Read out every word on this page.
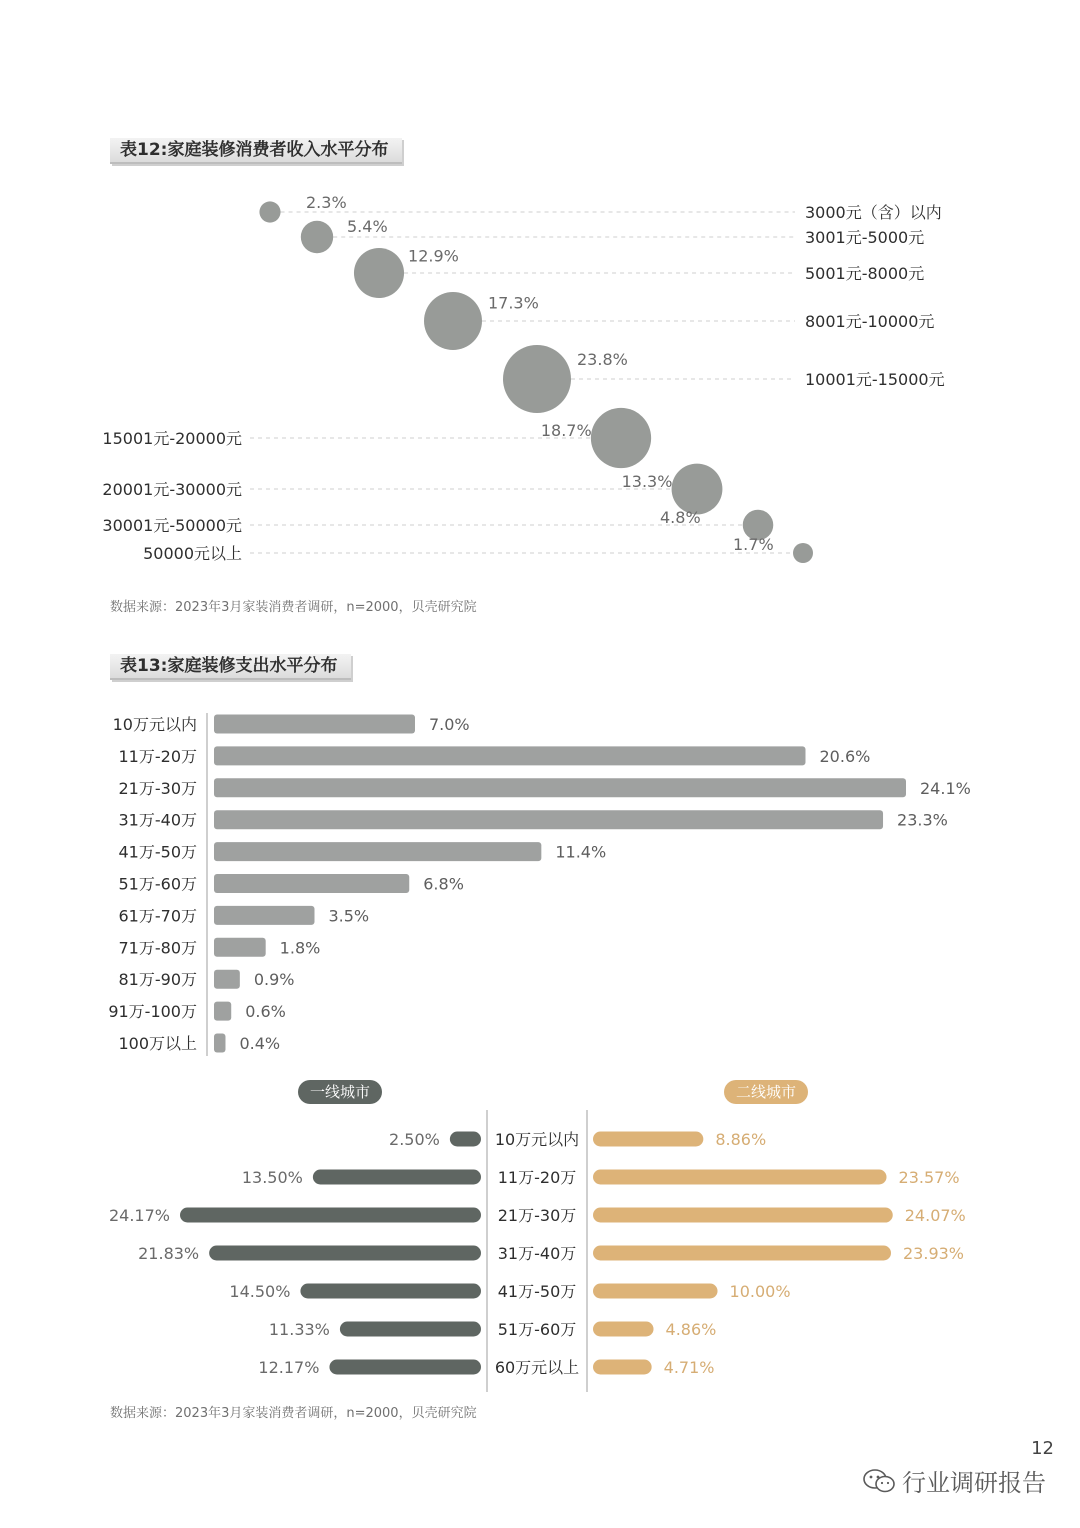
表12:家庭装修消费者收入水平分布
3000元（含）以内
2.3%
3001元-5000元
5.4%
5001元-8000元
12.9%
8001元-10000元
17.3%
10001元-15000元
23.8%
15001元-20000元	18.7%
20001元-30000元	13.3%
30001元-50000元	4.8%
50000元以上	1.7%
数据来源：2023年3月家装消费者调研，n=2000，贝壳研究院
表13:家庭装修支出水平分布
10万元以内	7.0%
11万-20万	20.6%
21万-30万	24.1%
31万-40万	23.3%
41万-50万	11.4%
51万-60万	6.8%
61万-70万	3.5%
71万-80万	1.8%
81万-90万	0.9%
91万-100万	0.6%
100万以上	0.4%
一线城市	二线城市
10万元以内
2.50%	8.86%
11万-20万
13.50%	23.57%
21万-30万
24.17%	24.07%
31万-40万
21.83%	23.93%
41万-50万
14.50%	10.00%
51万-60万
11.33%	4.86%
60万元以上
12.17%	4.71%
数据来源：2023年3月家装消费者调研，n=2000，贝壳研究院
12
行业调研报告
